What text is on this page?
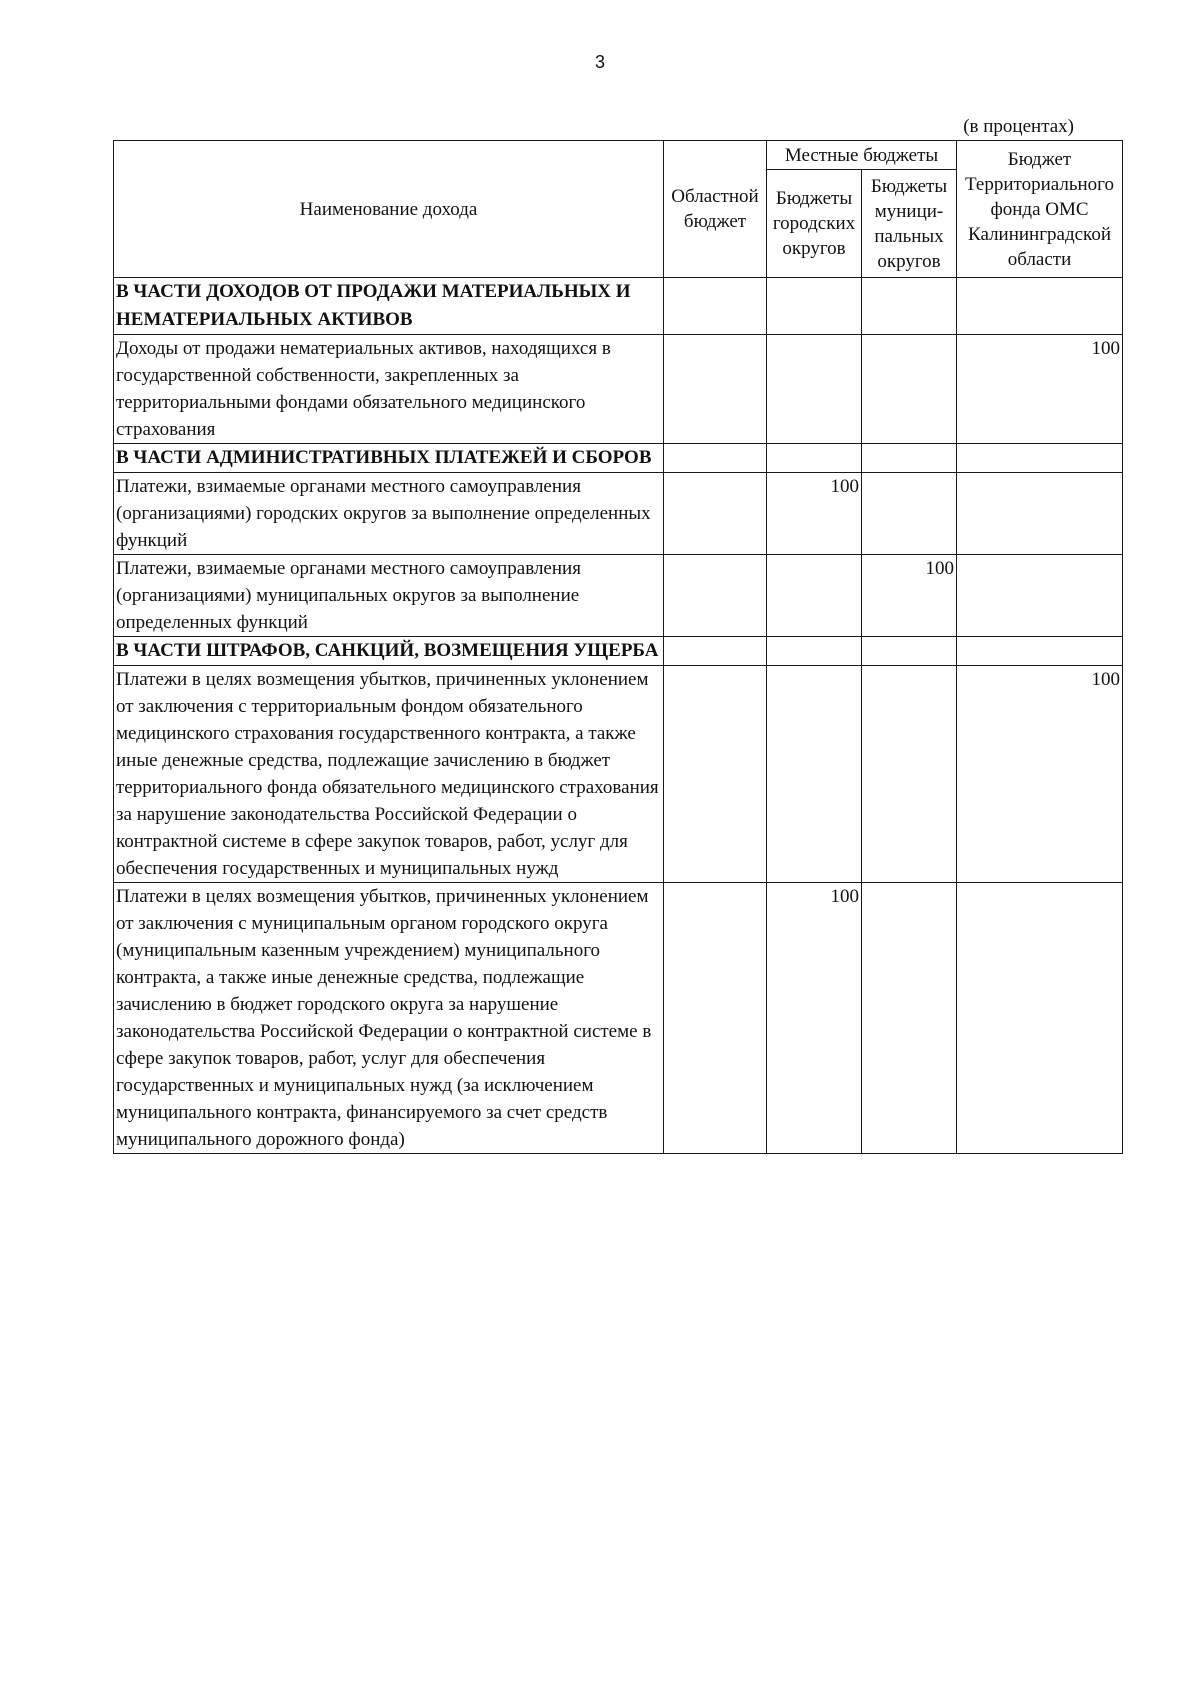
3
(в процентах)
Наименование дохода	Областной бюджет	Местные бюджеты		Бюджет Территориального фонда ОМС Калининградской области
		Бюджеты городских округов	Бюджеты муници-пальных округов	
В ЧАСТИ ДОХОДОВ ОТ ПРОДАЖИ МАТЕРИАЛЬНЫХ И НЕМАТЕРИАЛЬНЫХ АКТИВОВ				
Доходы от продажи нематериальных активов, находящихся в государственной собственности, закрепленных за территориальными фондами обязательного медицинского страхования				100
В ЧАСТИ АДМИНИСТРАТИВНЫХ ПЛАТЕЖЕЙ И СБОРОВ				
Платежи, взимаемые органами местного самоуправления (организациями) городских округов за выполнение определенных функций		100		
Платежи, взимаемые органами местного самоуправления (организациями) муниципальных округов за выполнение определенных функций			100	
В ЧАСТИ ШТРАФОВ, САНКЦИЙ, ВОЗМЕЩЕНИЯ УЩЕРБА				
Платежи в целях возмещения убытков, причиненных уклонением от заключения с территориальным фондом обязательного медицинского страхования государственного контракта, а также иные денежные средства, подлежащие зачислению в бюджет территориального фонда обязательного медицинского страхования за нарушение законодательства Российской Федерации о контрактной системе в сфере закупок товаров, работ, услуг для обеспечения государственных и муниципальных нужд				100
Платежи в целях возмещения убытков, причиненных уклонением от заключения с муниципальным органом городского округа (муниципальным казенным учреждением) муниципального контракта, а также иные денежные средства, подлежащие зачислению в бюджет городского округа за нарушение законодательства Российской Федерации о контрактной системе в сфере закупок товаров, работ, услуг для обеспечения государственных и муниципальных нужд (за исключением муниципального контракта, финансируемого за счет средств муниципального дорожного фонда)		100		
